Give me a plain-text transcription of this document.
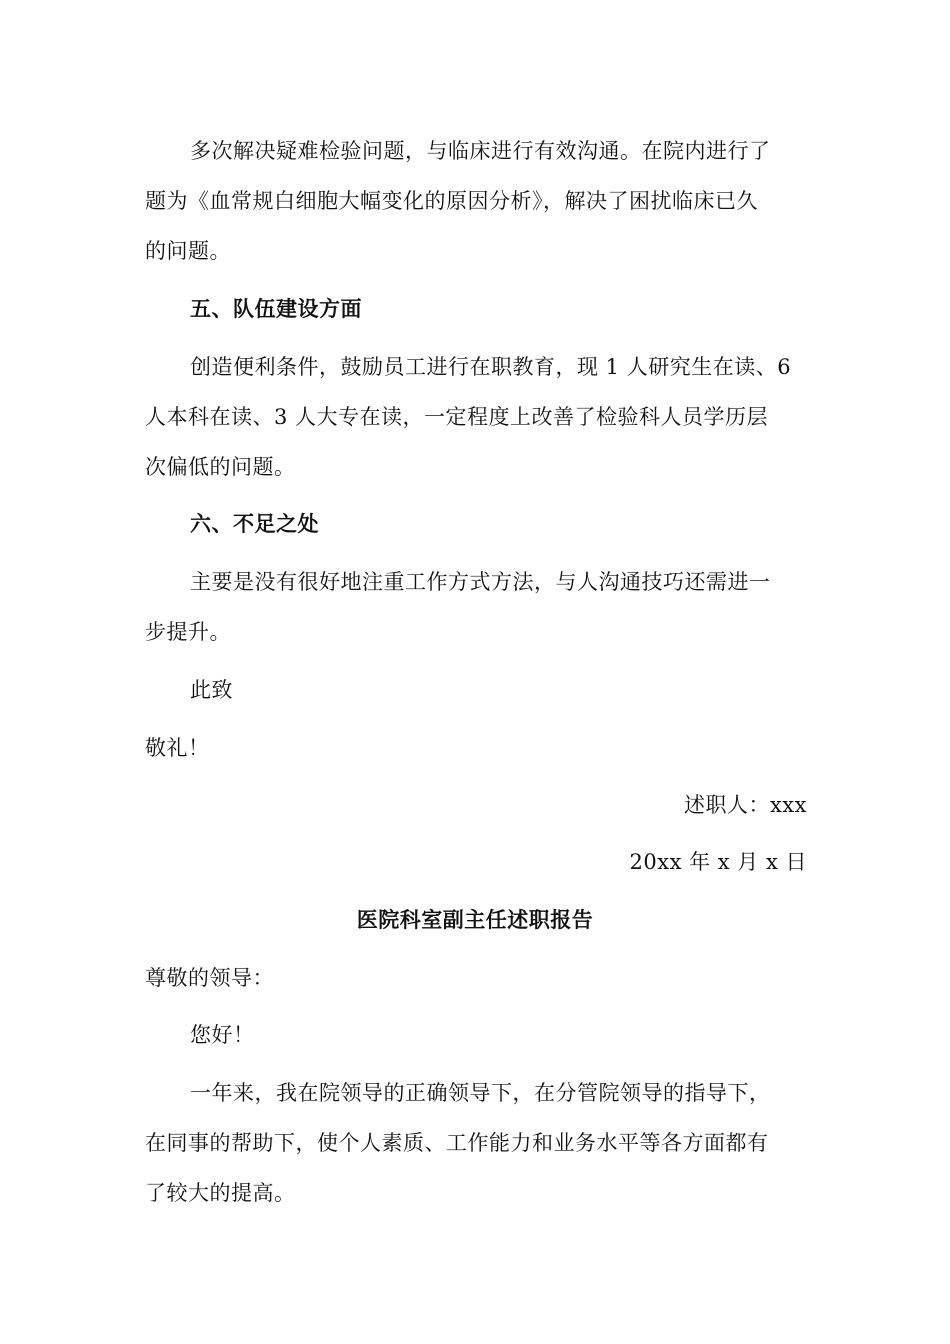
多次解决疑难检验问题，与临床进行有效沟通。在院内进行了
题为《血常规白细胞大幅变化的原因分析》，解决了困扰临床已久
的问题。
五、队伍建设方面
创造便利条件，鼓励员工进行在职教育，现 1 人研究生在读、6
人本科在读、3 人大专在读，一定程度上改善了检验科人员学历层
次偏低的问题。
六、不足之处
主要是没有很好地注重工作方式方法，与人沟通技巧还需进一
步提升。
此致
敬礼！
述职人：xxx
20xx 年 x 月 x 日
医院科室副主任述职报告
尊敬的领导：
您好！
一年来，我在院领导的正确领导下，在分管院领导的指导下，
在同事的帮助下，使个人素质、工作能力和业务水平等各方面都有
了较大的提高。
